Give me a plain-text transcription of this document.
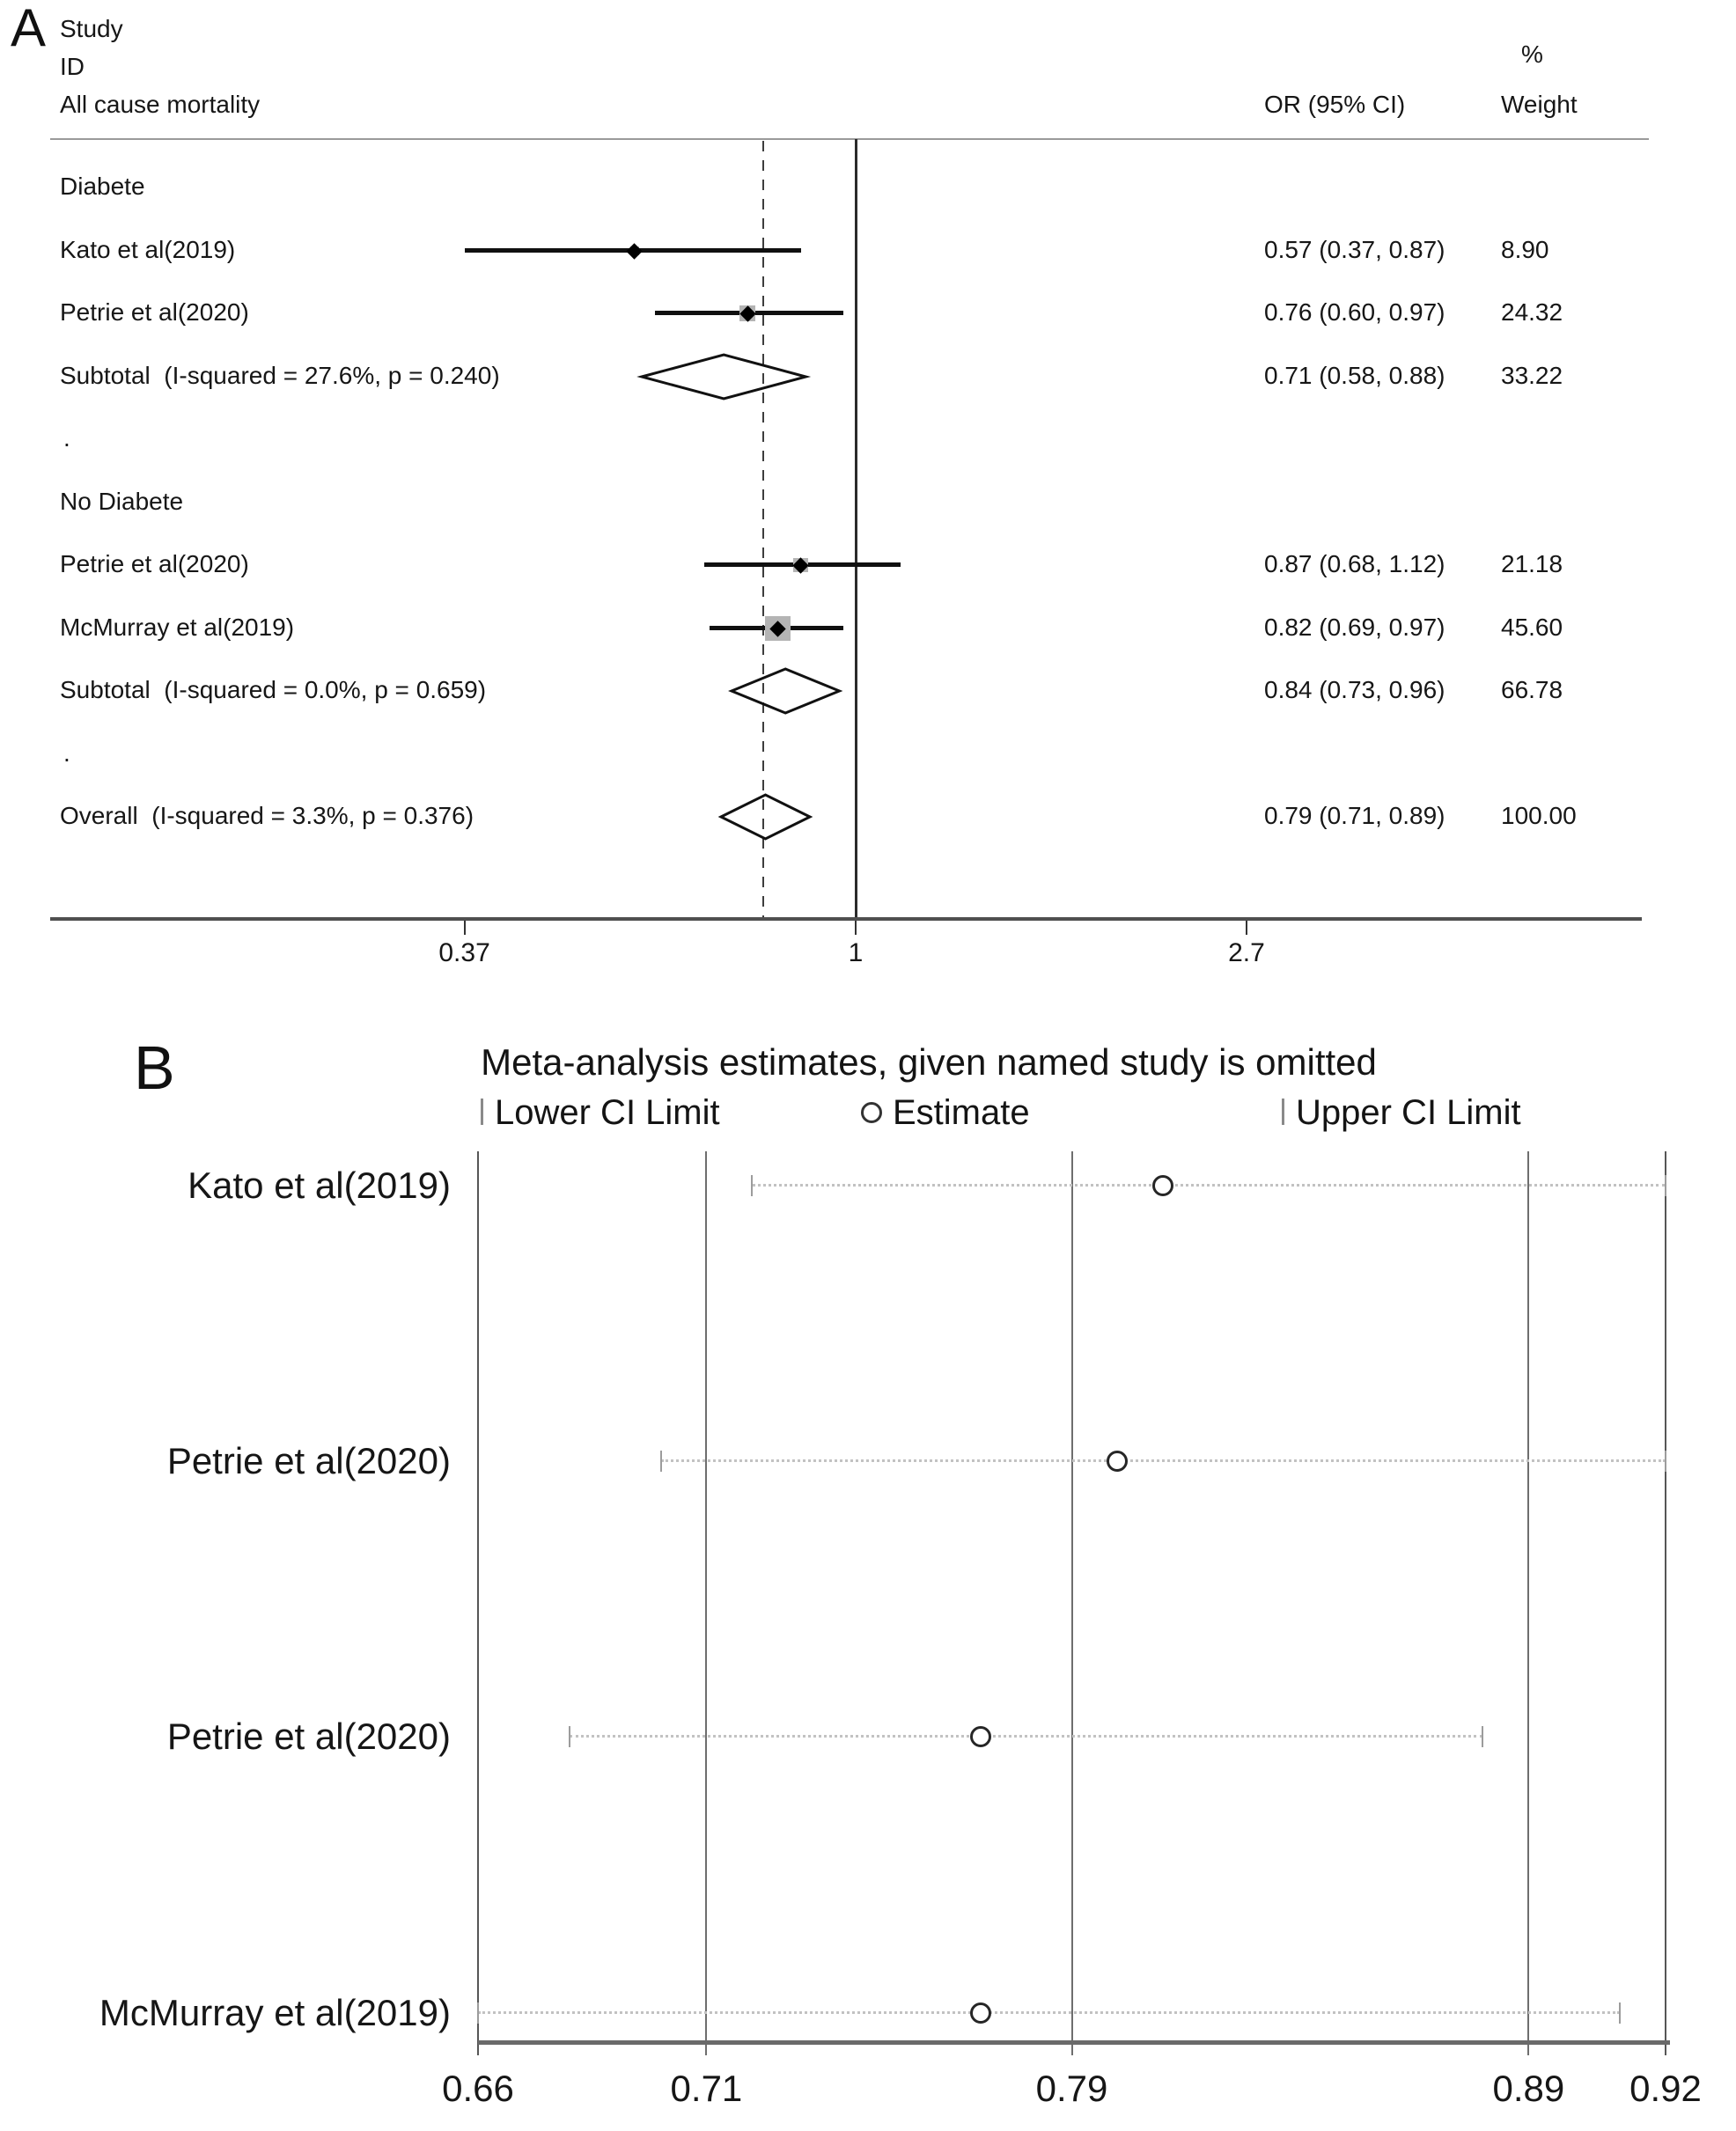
A Study
ID
All cause mortality
%
OR (95% CI)	Weight
0.37	1	2.7
Diabete
Kato et al(2019)	0.57 (0.37, 0.87) 8.90
Petrie et al(2020)	0.76 (0.60, 0.97) 24.32
Subtotal  (I-squared = 27.6%, p = 0.240)	0.71 (0.58, 0.88) 33.22
.
No Diabete
Petrie et al(2020)	0.87 (0.68, 1.12) 21.18
McMurray et al(2019)	0.82 (0.69, 0.97) 45.60
Subtotal  (I-squared = 0.0%, p = 0.659)	0.84 (0.73, 0.96) 66.78
.
Overall  (I-squared = 3.3%, p = 0.376)	0.79 (0.71, 0.89) 100.00
B	Meta-analysis estimates, given named study is omitted
Lower CI Limit	Estimate	Upper CI Limit
0.66	0.71	0.79	0.89	0.92
Kato et al(2019)
Petrie et al(2020)
Petrie et al(2020)
McMurray et al(2019)
